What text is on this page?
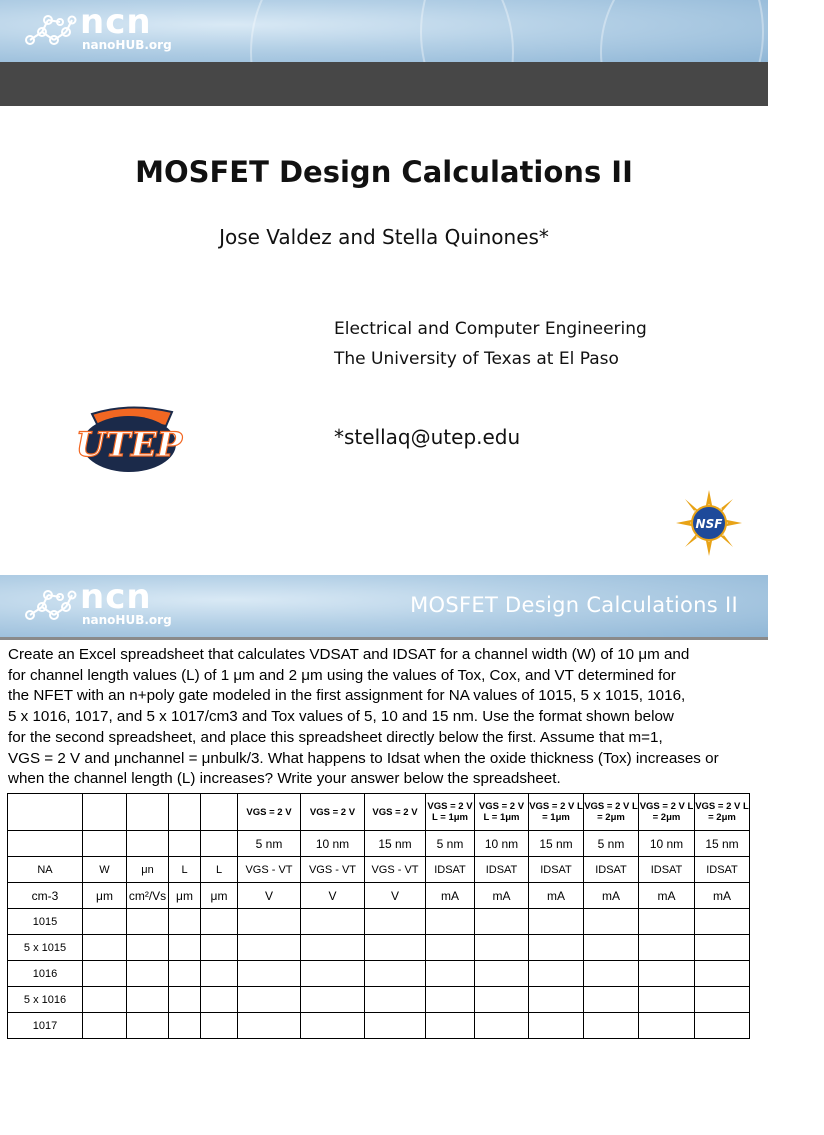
ncn
nanoHUB.org
MOSFET Design Calculations II
Jose Valdez and Stella Quinones*
Electrical and Computer Engineering
The University of Texas at El Paso
*stellaq@utep.edu
UTEP
NSF
ncn
nanoHUB.org
MOSFET Design Calculations II
Create an Excel spreadsheet that calculates VDSAT and IDSAT for a channel width (W) of 10 μm and
for channel length values (L) of 1 μm and 2 μm using the values of Tox, Cox, and VT determined for
the NFET with an n+poly gate modeled in the first assignment for NA values of 1015, 5 x 1015, 1016,
5 x 1016, 1017, and 5 x 1017/cm3 and Tox values of 5, 10 and 15 nm. Use the format shown below
for the second spreadsheet, and place this spreadsheet directly below the first. Assume that m=1,
VGS = 2 V and μnchannel = μnbulk/3. What happens to Idsat when the oxide thickness (Tox) increases or
when the channel length (L) increases? Write your answer below the spreadsheet.
					VGS = 2 V	VGS = 2 V	VGS = 2 V	VGS = 2 V L = 1μm	VGS = 2 V L = 1μm	VGS = 2 V L = 1μm	VGS = 2 V L = 2μm	VGS = 2 V L = 2μm	VGS = 2 V L = 2μm
					5 nm	10 nm	15 nm	5 nm	10 nm	15 nm	5 nm	10 nm	15 nm
NA	W	μn	L	L	VGS - VT	VGS - VT	VGS - VT	IDSAT	IDSAT	IDSAT	IDSAT	IDSAT	IDSAT
cm-3	μm	cm²/Vs	μm	μm	V	V	V	mA	mA	mA	mA	mA	mA
1015													
5 x 1015													
1016													
5 x 1016													
1017													
